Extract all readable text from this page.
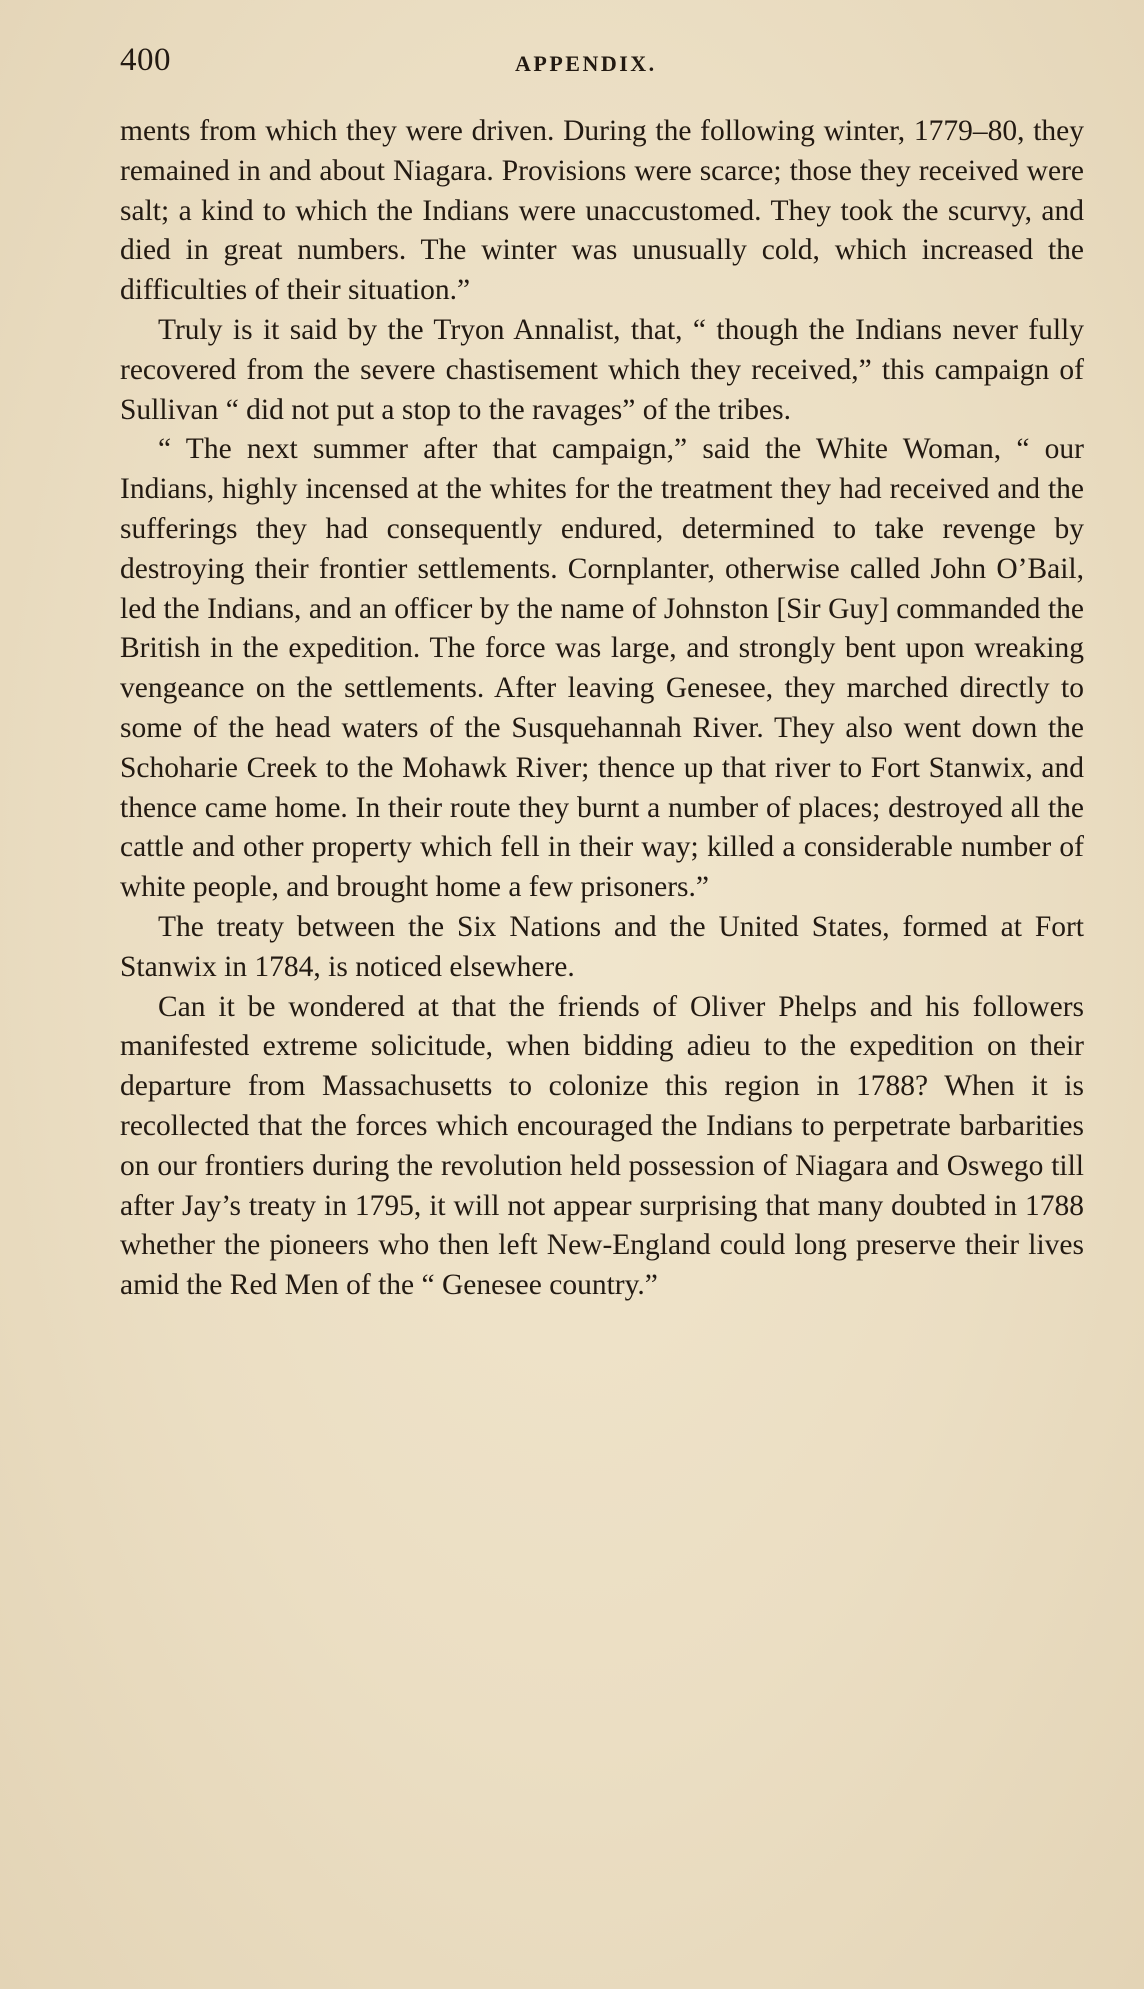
400	APPENDIX.

ments from which they were driven. During the following winter, 1779–80, they remained in and about Niagara. Provisions were scarce; those they received were salt; a kind to which the Indians were unaccustomed. They took the scurvy, and died in great numbers. The winter was unusually cold, which increased the difficulties of their situation.”

Truly is it said by the Tryon Annalist, that, “ though the Indians never fully recovered from the severe chastisement which they received,” this campaign of Sullivan “ did not put a stop to the ravages” of the tribes.

“ The next summer after that campaign,” said the White Woman, “ our Indians, highly incensed at the whites for the treatment they had received and the sufferings they had consequently endured, determined to take revenge by destroying their frontier settlements. Cornplanter, otherwise called John O’Bail, led the Indians, and an officer by the name of Johnston [Sir Guy] commanded the British in the expedition. The force was large, and strongly bent upon wreaking vengeance on the settlements. After leaving Genesee, they marched directly to some of the head waters of the Susquehannah River. They also went down the Schoharie Creek to the Mohawk River; thence up that river to Fort Stanwix, and thence came home. In their route they burnt a number of places; destroyed all the cattle and other property which fell in their way; killed a considerable number of white people, and brought home a few prisoners.”

The treaty between the Six Nations and the United States, formed at Fort Stanwix in 1784, is noticed elsewhere.

Can it be wondered at that the friends of Oliver Phelps and his followers manifested extreme solicitude, when bidding adieu to the expedition on their departure from Massachusetts to colonize this region in 1788? When it is recollected that the forces which encouraged the Indians to perpetrate barbarities on our frontiers during the revolution held possession of Niagara and Oswego till after Jay’s treaty in 1795, it will not appear surprising that many doubted in 1788 whether the pioneers who then left New-England could long preserve their lives amid the Red Men of the “ Genesee country.”
